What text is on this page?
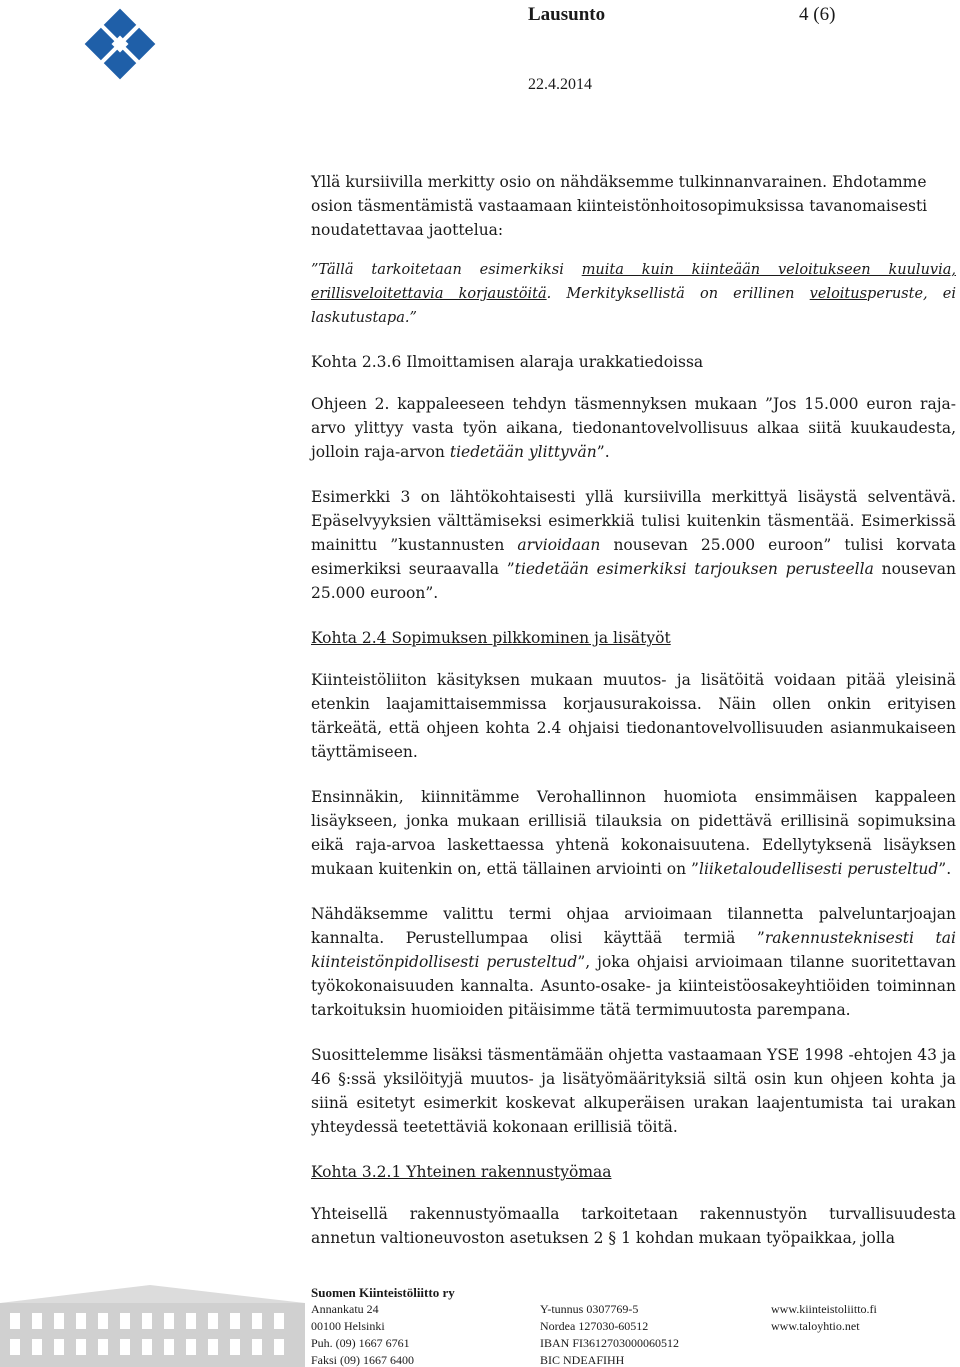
Lausunto	4 (6)
22.4.2014

Yllä kursiivilla merkitty osio on nähdäksemme tulkinnanvarainen. Ehdotamme osion täsmentämistä vastaamaan kiinteistönhoitosopimuksissa tavanomaisesti noudatettavaa jaottelua:

”Tällä tarkoitetaan esimerkiksi muita kuin kiinteään veloitukseen kuuluvia, erillisveloitettavia korjaustöitä. Merkityksellistä on erillinen veloitusperuste, ei laskutustapa.”

Kohta 2.3.6 Ilmoittamisen alaraja urakkatiedoissa

Ohjeen 2. kappaleeseen tehdyn täsmennyksen mukaan ”Jos 15.000 euron raja-arvo ylittyy vasta työn aikana, tiedonantovelvollisuus alkaa siitä kuukaudesta, jolloin raja-arvon tiedetään ylittyvän”.

Esimerkki 3 on lähtökohtaisesti yllä kursiivilla merkittyä lisäystä selventävä. Epäselvyyksien välttämiseksi esimerkkiä tulisi kuitenkin täsmentää. Esimerkissä mainittu ”kustannusten arvioidaan nousevan 25.000 euroon” tulisi korvata esimerkiksi seuraavalla ”tiedetään esimerkiksi tarjouksen perusteella nousevan 25.000 euroon”.

Kohta 2.4 Sopimuksen pilkkominen ja lisätyöt

Kiinteistöliiton käsityksen mukaan muutos- ja lisätöitä voidaan pitää yleisinä etenkin laajamittaisemmissa korjausurakoissa. Näin ollen onkin erityisen tärkeätä, että ohjeen kohta 2.4 ohjaisi tiedonantovelvollisuuden asianmukaiseen täyttämiseen.

Ensinnäkin, kiinnitämme Verohallinnon huomiota ensimmäisen kappaleen lisäykseen, jonka mukaan erillisiä tilauksia on pidettävä erillisinä sopimuksina eikä raja-arvoa laskettaessa yhtenä kokonaisuutena. Edellytyksenä lisäyksen mukaan kuitenkin on, että tällainen arviointi on ”liiketaloudellisesti perusteltud”.

Nähdäksemme valittu termi ohjaa arvioimaan tilannetta palveluntarjoajan kannalta. Perustellumpaa olisi käyttää termiä ”rakennusteknisesti tai kiinteistönpidollisesti perusteltud”, joka ohjaisi arvioimaan tilanne suoritettavan työkokonaisuuden kannalta. Asunto-osake- ja kiinteistöosakeyhtiöiden toiminnan tarkoituksin huomioiden pitäisimme tätä termimuutosta parempana.

Suosittelemme lisäksi täsmentämään ohjetta vastaamaan YSE 1998 -ehtojen 43 ja 46 §:ssä yksilöityjä muutos- ja lisätyömäärityksiä siltä osin kun ohjeen kohta ja siinä esitetyt esimerkit koskevat alkuperäisen urakan laajentumista tai urakan yhteydessä teetettäviä kokonaan erillisiä töitä.

Kohta 3.2.1 Yhteinen rakennustyömaa

Yhteisellä rakennustyömaalla tarkoitetaan rakennustyön turvallisuudesta annetun valtioneuvoston asetuksen 2 § 1 kohdan mukaan työpaikkaa, jolla

Suomen Kiinteistöliitto ry
Annankatu 24
00100 Helsinki
Puh. (09) 1667 6761
Faksi (09) 1667 6400
Y-tunnus 0307769-5
Nordea 127030-60512
IBAN FI3612703000060512
BIC NDEAFIHH
www.kiinteistoliitto.fi
www.taloyhtio.net
